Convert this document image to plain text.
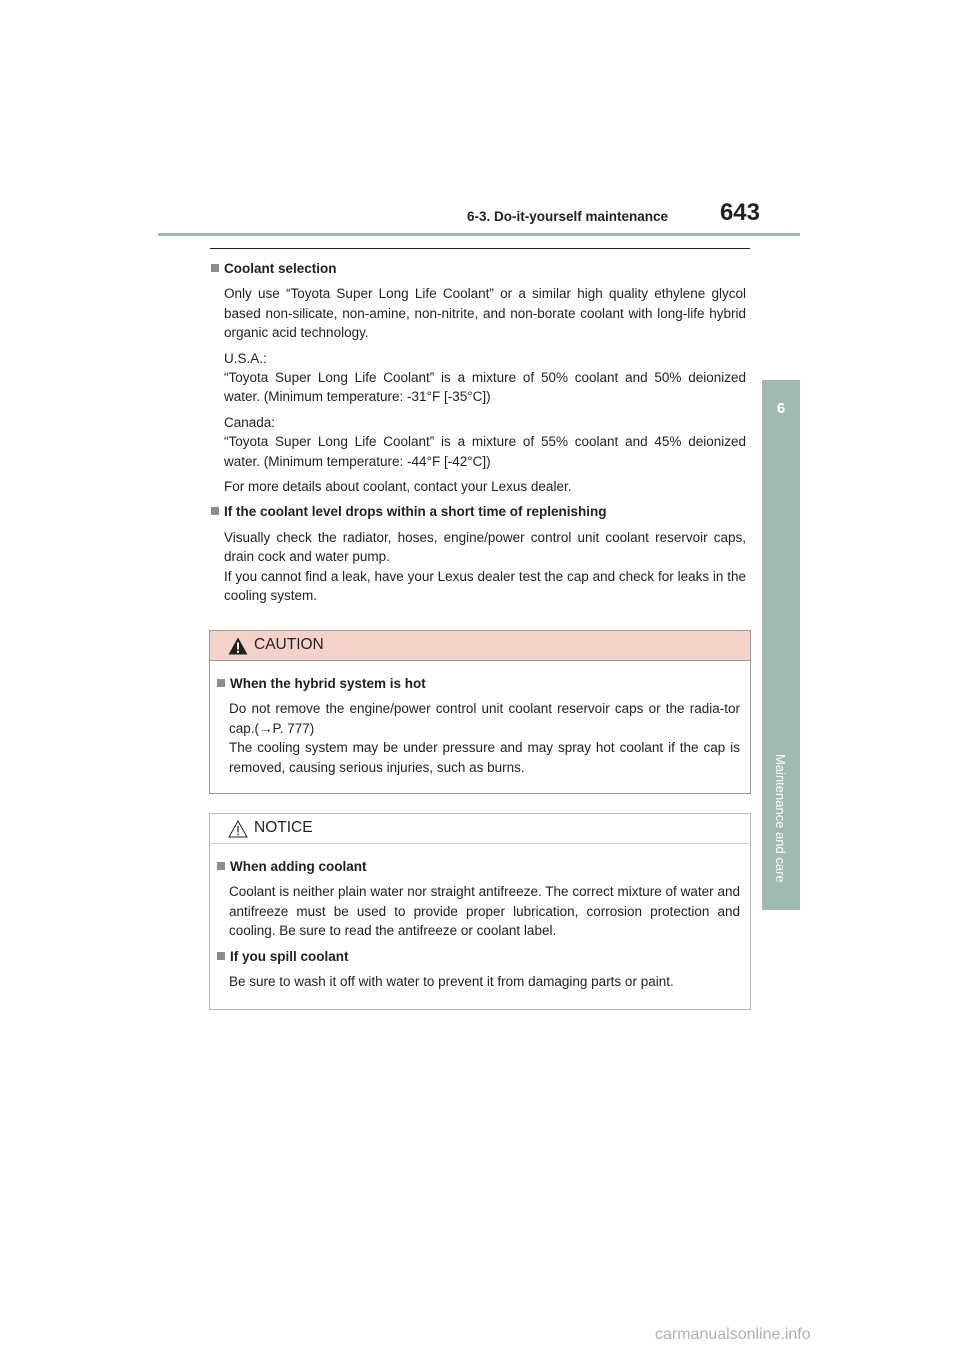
6-3. Do-it-yourself maintenance	643
6
Maintenance and care

Coolant selection

Only use “Toyota Super Long Life Coolant” or a similar high quality ethylene glycol based non-silicate, non-amine, non-nitrite, and non-borate coolant with long-life hybrid organic acid technology.

U.S.A.:

“Toyota Super Long Life Coolant” is a mixture of 50% coolant and 50% deionized water. (Minimum temperature: -31°F [-35°C])

Canada:

“Toyota Super Long Life Coolant” is a mixture of 55% coolant and 45% deionized water. (Minimum temperature: -44°F [-42°C])

For more details about coolant, contact your Lexus dealer.

If the coolant level drops within a short time of replenishing

Visually check the radiator, hoses, engine/power control unit coolant reservoir caps, drain cock and water pump.

If you cannot find a leak, have your Lexus dealer test the cap and check for leaks in the cooling system.

CAUTION

When the hybrid system is hot

Do not remove the engine/power control unit coolant reservoir caps or the radia-tor cap.(→P. 777)

The cooling system may be under pressure and may spray hot coolant if the cap is removed, causing serious injuries, such as burns.

NOTICE

When adding coolant

Coolant is neither plain water nor straight antifreeze. The correct mixture of water and antifreeze must be used to provide proper lubrication, corrosion protection and cooling. Be sure to read the antifreeze or coolant label.

If you spill coolant

Be sure to wash it off with water to prevent it from damaging parts or paint.

carmanualsonline.info
